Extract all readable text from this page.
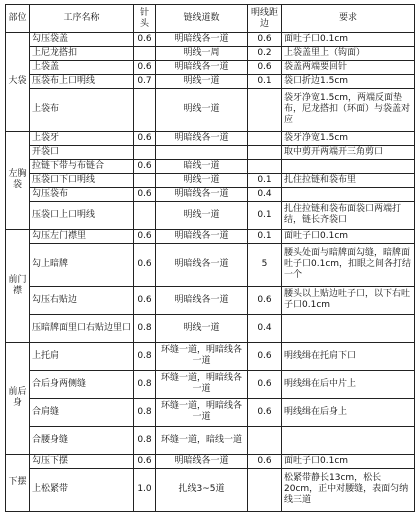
部位	工序名称	针头	链线道数	明线距边	要求
大袋	勾压袋盖	0.6	明暗线各一道	0.6	面吐子口0.1cm
	上尼龙搭扣		明线一周	0.2	上袋盖里上（钩面）
	上袋盖	0.6	明暗线各一道	0.6	袋盖两端要回针
	压袋布上口明线	0.7	明线一道	0.1	袋口折边1.5cm
	上袋布		明线一道		袋牙净宽1.5cm，两端反面垫布，尼龙搭扣（环面）与袋盖对应
左胸袋	上袋牙	0.6	明暗线各一道		袋牙净宽1.5cm
	开袋口				取中剪开两端开三角剪口
	拉链下带与布链合	0.6	暗线一道		
	压袋口下口明线		明线一道	0.1	扎住拉链和袋布里
	勾压袋布	0.6	明暗线各一道	0.4	
	压袋口上口明线		明线一道	0.1	扎住拉链和袋布面袋口两端打结，链长齐袋口
前门襟	勾压左门襟里	0.6	明暗线各一道	0.1	面吐子口0.1cm
	勾上暗牌	0.6	明暗线各一道	5	腰头处面与暗牌面勾缝，暗牌面吐子口0.1cm，扣眼之间各打结一个
	勾压右贴边	0.6	明暗线各一道	0.6	腰头以上贴边吐子口，以下右吐子口0.1cm
	压暗牌面里口右贴边里口	0.8	明线一道	0.4	
前后身	上托肩	0.8	环缝一道，明暗线各一道	0.6	明线缉在托肩下口
	合后身两侧缝	0.8	环缝一道，明暗线各一道	0.6	明线缉在后中片上
	合肩缝	0.8	环缝一道，明暗线各一道	0.6	明线缉在后身上
	合腰身缝	0.8	环缝一道，暗线一道		
下摆	勾压下摆	0.6	明暗线各一道	0.6	面吐子口0.1cm
	上松紧带	1.0	扎线3~5道		松紧带静长13cm，松长20cm，正中对腰缝，表面匀纳线三道
